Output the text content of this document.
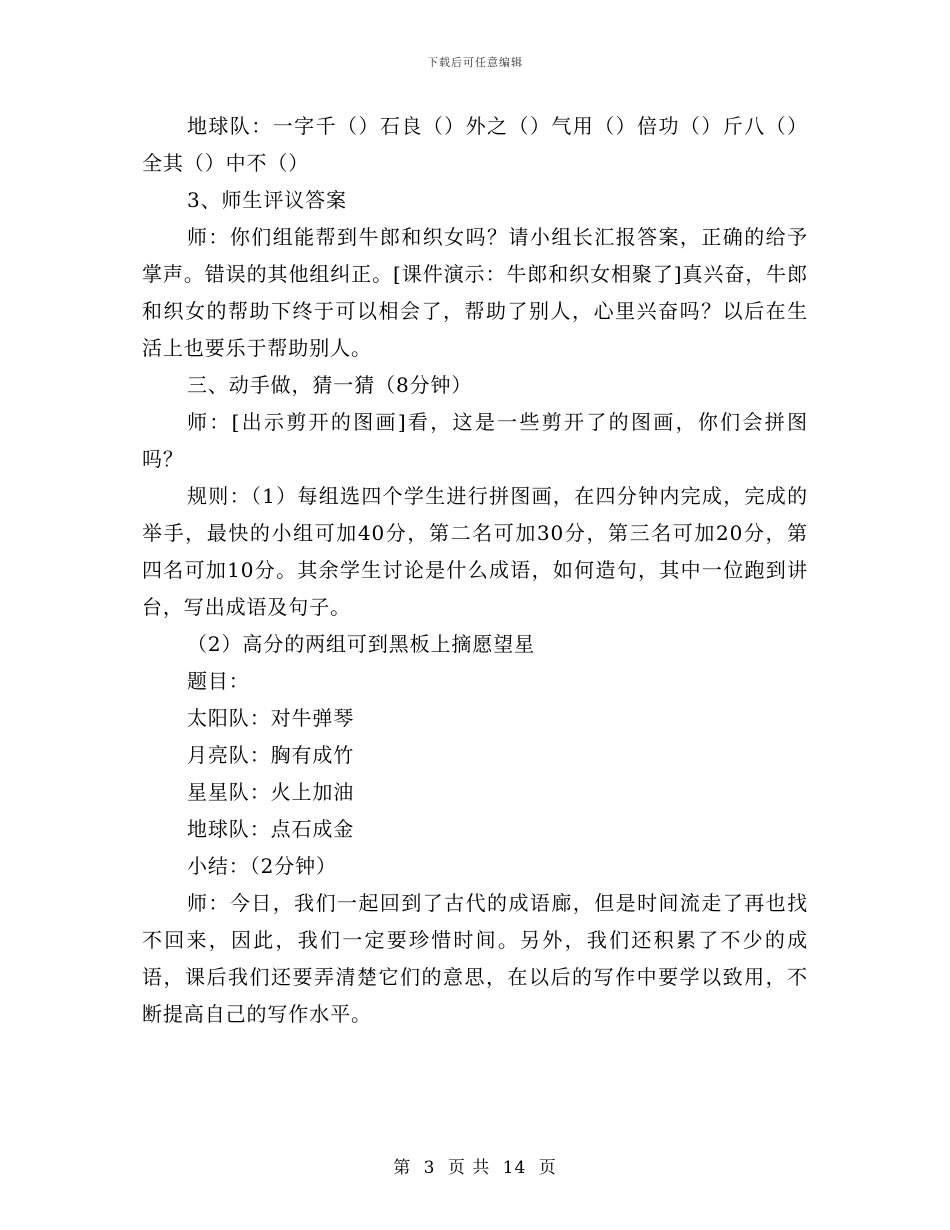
下载后可任意编辑

地球队：一字千（）石良（）外之（）气用（）倍功（）斤八（）全其（）中不（）

3、师生评议答案

师：你们组能帮到牛郎和织女吗？请小组长汇报答案，正确的给予掌声。错误的其他组纠正。[课件演示：牛郎和织女相聚了]真兴奋，牛郎和织女的帮助下终于可以相会了，帮助了别人，心里兴奋吗？以后在生活上也要乐于帮助别人。

三、动手做，猜一猜（8分钟）

师：[出示剪开的图画]看，这是一些剪开了的图画，你们会拼图吗？

规则：（1）每组选四个学生进行拼图画，在四分钟内完成，完成的举手，最快的小组可加40分，第二名可加30分，第三名可加20分，第四名可加10分。其余学生讨论是什么成语，如何造句，其中一位跑到讲台，写出成语及句子。

（2）高分的两组可到黑板上摘愿望星

题目：

太阳队：对牛弹琴

月亮队：胸有成竹

星星队：火上加油

地球队：点石成金

小结：（2分钟）

师：今日，我们一起回到了古代的成语廊，但是时间流走了再也找不回来，因此，我们一定要珍惜时间。另外，我们还积累了不少的成语，课后我们还要弄清楚它们的意思，在以后的写作中要学以致用，不断提高自己的写作水平。

第 3 页 共 14 页
